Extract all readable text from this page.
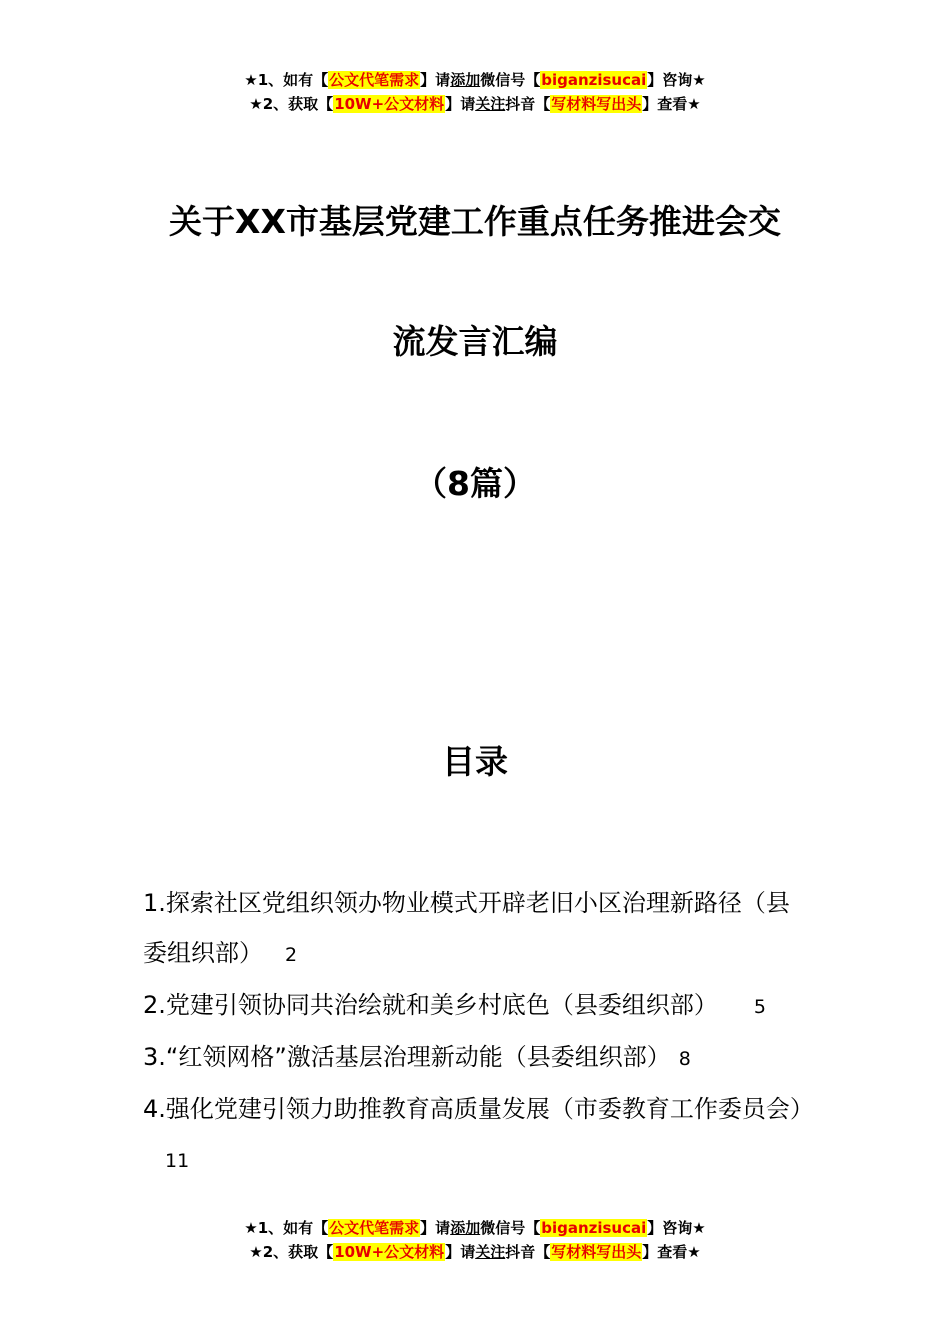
★1、如有【公文代笔需求】请添加微信号【biganzisucai】咨询★
★2、获取【10W+公文材料】请关注抖音【写材料写出头】查看★
关于XX市基层党建工作重点任务推进会交
流发言汇编
（8篇）
目录

1.探索社区党组织领办物业模式开辟老旧小区治理新路径（县委组织部） 2

2.党建引领协同共治绘就和美乡村底色（县委组织部） 5

3.“红领网格”激活基层治理新动能（县委组织部） 8

4.强化党建引领力助推教育高质量发展（市委教育工作委员会）11

★1、如有【公文代笔需求】请添加微信号【biganzisucai】咨询★
★2、获取【10W+公文材料】请关注抖音【写材料写出头】查看★
